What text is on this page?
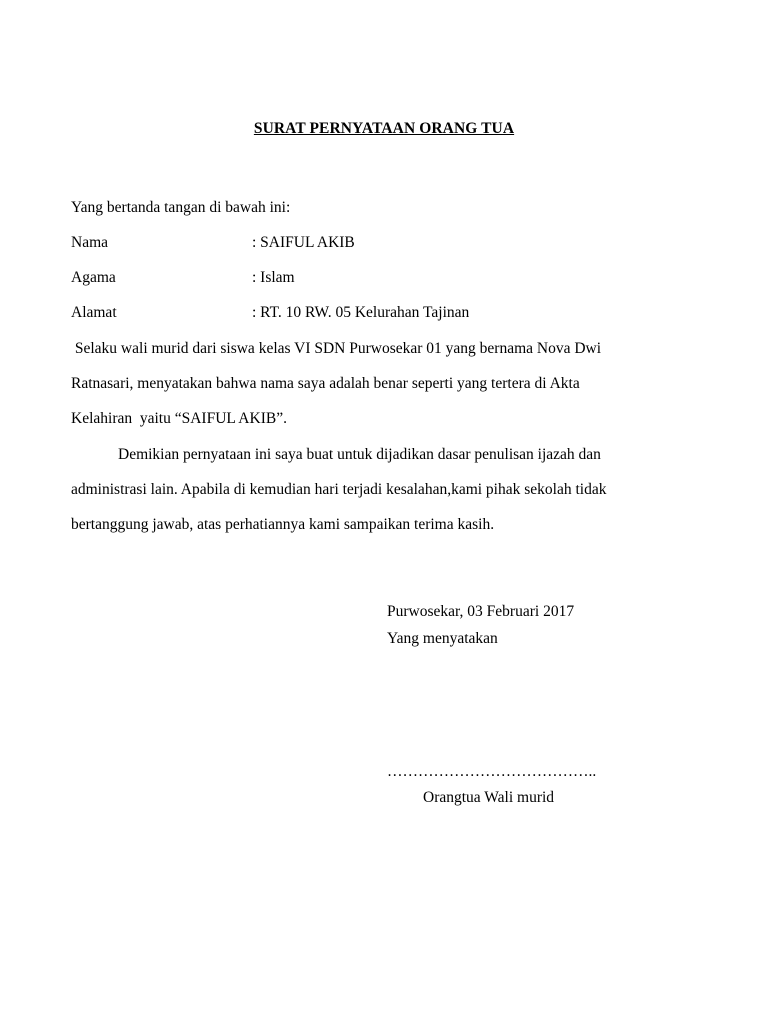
SURAT PERNYATAAN ORANG TUA
Yang bertanda tangan di bawah ini:
Nama	: SAIFUL AKIB
Agama	: Islam
Alamat	: RT. 10 RW. 05 Kelurahan Tajinan
Selaku wali murid dari siswa kelas VI SDN Purwosekar 01 yang bernama Nova Dwi
Ratnasari, menyatakan bahwa nama saya adalah benar seperti yang tertera di Akta
Kelahiran  yaitu “SAIFUL AKIB”.
Demikian pernyataan ini saya buat untuk dijadikan dasar penulisan ijazah dan
administrasi lain. Apabila di kemudian hari terjadi kesalahan,kami pihak sekolah tidak
bertanggung jawab, atas perhatiannya kami sampaikan terima kasih.
Purwosekar, 03 Februari 2017
Yang menyatakan
…………………………………..
Orangtua Wali murid
